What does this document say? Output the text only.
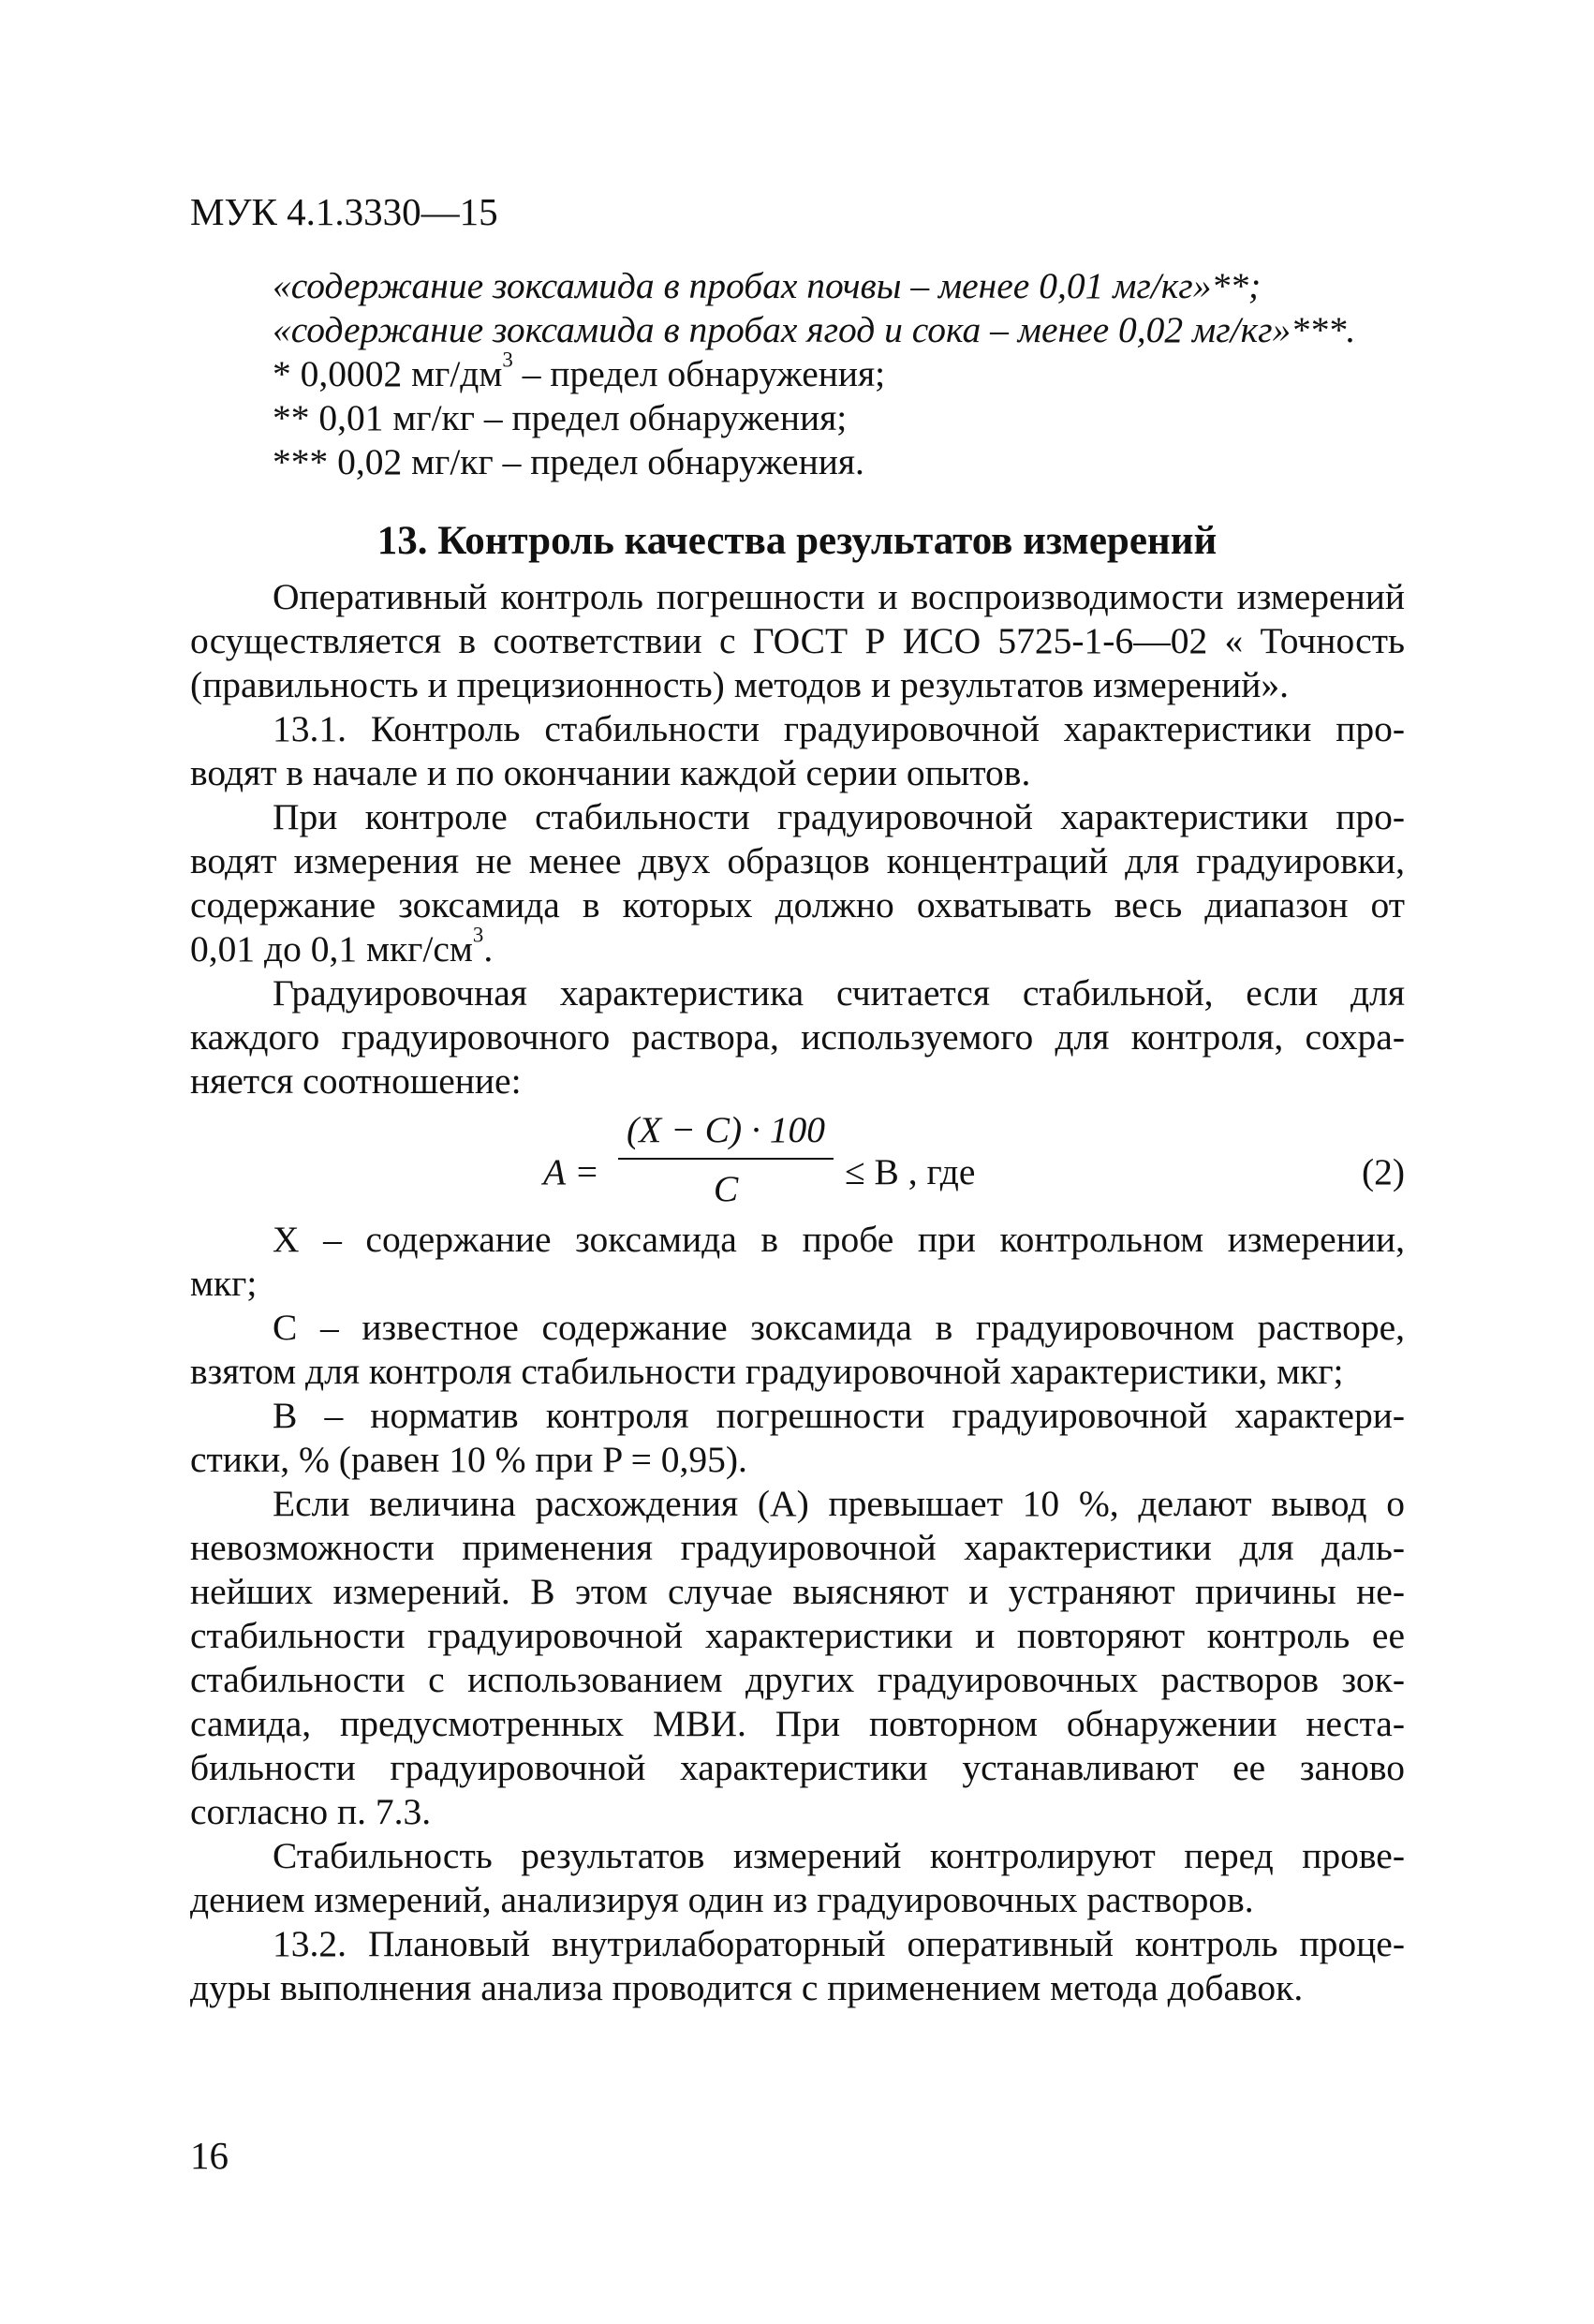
МУК 4.1.3330—15
«содержание зоксамида в пробах почвы – менее 0,01 мг/кг»**;
«содержание зоксамида в пробах ягод и сока – менее 0,02 мг/кг»***.
* 0,0002 $мг/дм^3$ – предел обнаружения;
** 0,01 мг/кг – предел обнаружения;
*** 0,02 мг/кг – предел обнаружения.
13. Контроль качества результатов измерений
Оперативный контроль погрешности и воспроизводимости измерений
осуществляется в соответствии с ГОСТ Р ИСО 5725-1-6—02 « Точность
(правильность и прецизионность) методов и результатов измерений».
13.1. Контроль стабильности градуировочной характеристики про-
водят в начале и по окончании каждой серии опытов.
При контроле стабильности градуировочной характеристики про-
водят измерения не менее двух образцов концентраций для градуировки,
содержание зоксамида в которых должно охватывать весь диапазон от
0,01 до 0,1 мкг/$см^3$.
Градуировочная характеристика считается стабильной, если для
каждого градуировочного раствора, используемого для контроля, сохра-
няется соотношение:
A =
(X − C) · 100
C	≤ B , где	(2)
X – содержание зоксамида в пробе при контрольном измерении,
мкг;
C – известное содержание зоксамида в градуировочном растворе,
взятом для контроля стабильности градуировочной характеристики, мкг;
B – норматив контроля погрешности градуировочной характери-
стики, % (равен 10 % при P = 0,95).
Если величина расхождения (A) превышает 10 %, делают вывод о
невозможности применения градуировочной характеристики для даль-
нейших измерений. В этом случае выясняют и устраняют причины не-
стабильности градуировочной характеристики и повторяют контроль ее
стабильности с использованием других градуировочных растворов зок-
самида, предусмотренных МВИ. При повторном обнаружении неста-
бильности градуировочной характеристики устанавливают ее заново
согласно п. 7.3.
Стабильность результатов измерений контролируют перед прове-
дением измерений, анализируя один из градуировочных растворов.
13.2. Плановый внутрилабораторный оперативный контроль проце-
дуры выполнения анализа проводится с применением метода добавок.
16
